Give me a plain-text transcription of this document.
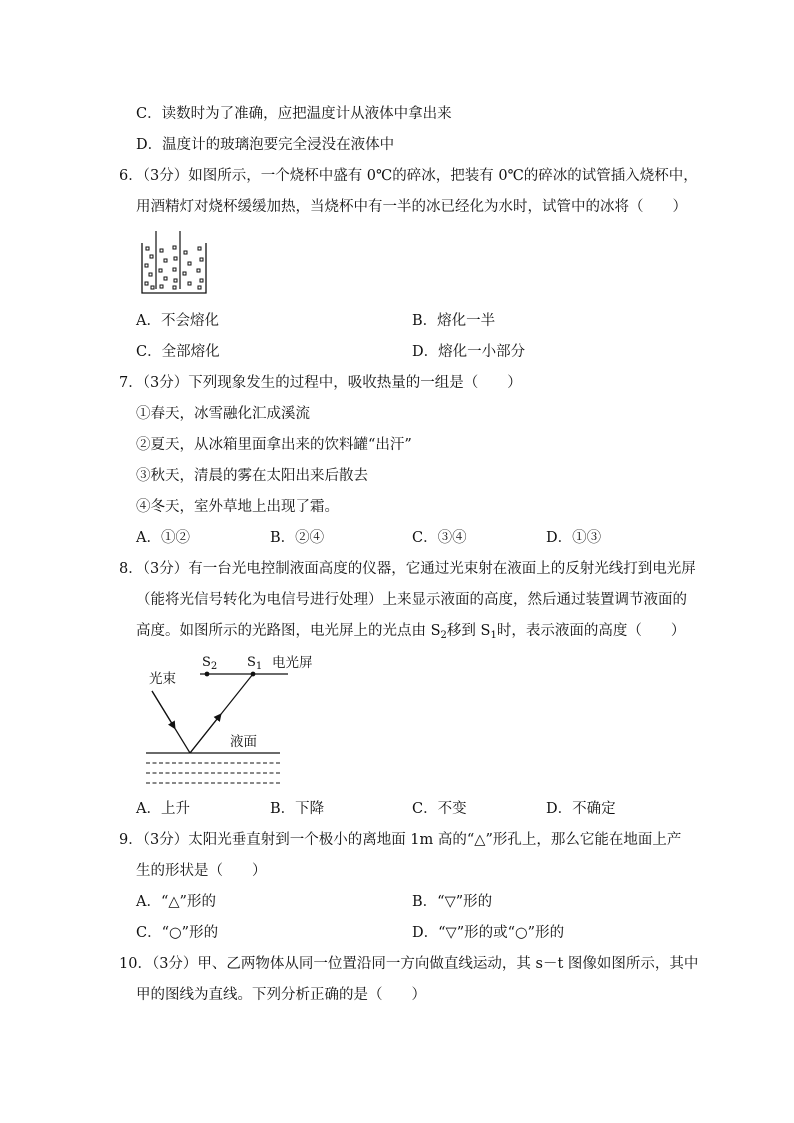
C．读数时为了准确，应把温度计从液体中拿出来
D．温度计的玻璃泡要完全浸没在液体中
6．（3分）如图所示，一个烧杯中盛有 0℃的碎冰，把装有 0℃的碎冰的试管插入烧杯中，
用酒精灯对烧杯缓缓加热，当烧杯中有一半的冰已经化为水时，试管中的冰将（　　）
A．不会熔化	B．熔化一半
C．全部熔化	D．熔化一小部分
7．（3分）下列现象发生的过程中，吸收热量的一组是（　　）
①春天，冰雪融化汇成溪流
②夏天，从冰箱里面拿出来的饮料罐“出汗”
③秋天，清晨的雾在太阳出来后散去
④冬天，室外草地上出现了霜。
A．①②	B．②④	C．③④	D．①③
8．（3分）有一台光电控制液面高度的仪器，它通过光束射在液面上的反射光线打到电光屏
（能将光信号转化为电信号进行处理）上来显示液面的高度，然后通过装置调节液面的
高度。如图所示的光路图，电光屏上的光点由 $S_2$移到 $S_1$时，表示液面的高度（　　）
$S_2$ $S_1$ 电光屏
光束
液面
A．上升	B．下降	C．不变	D．不确定
9．（3分）太阳光垂直射到一个极小的离地面 1m 高的“△”形孔上，那么它能在地面上产
生的形状是（　　）
A．“△”形的	B．“▽”形的
C．“○”形的	D．“▽”形的或“○”形的
10．（3分）甲、乙两物体从同一位置沿同一方向做直线运动，其 s－t 图像如图所示，其中
甲的图线为直线。下列分析正确的是（　　）
